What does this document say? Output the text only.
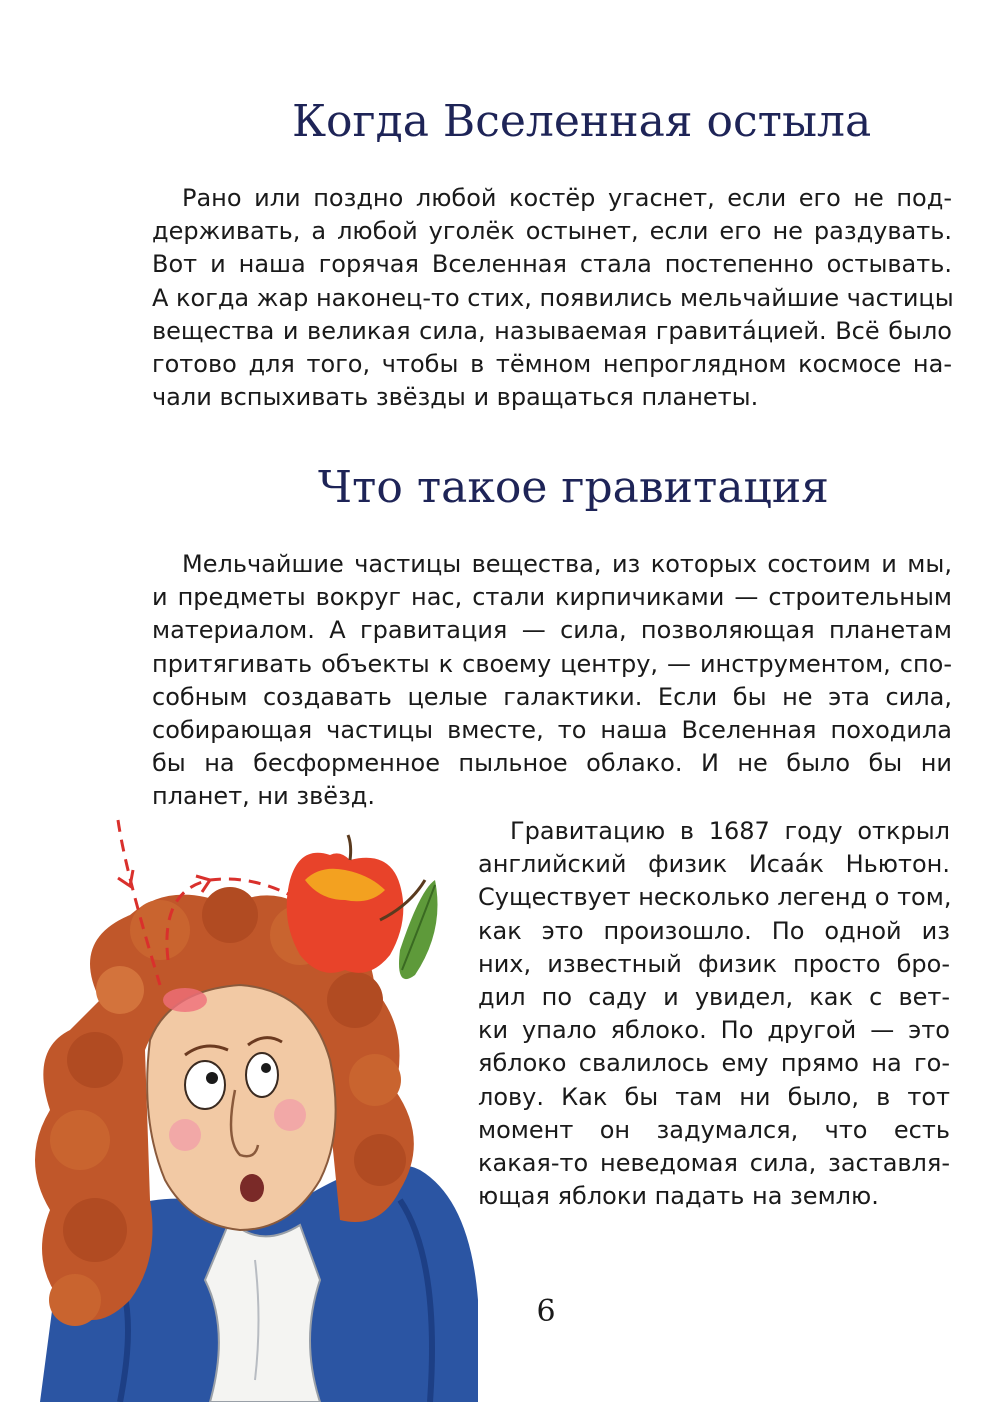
Когда Вселенная остыла
Рано или поздно любой костёр угаснет, если его не под-
держивать, а любой уголёк остынет, если его не раздувать.
Вот и наша горячая Вселенная стала постепенно остывать.
А когда жар наконец-то стих, появились мельчайшие частицы
вещества и великая сила, называемая гравита́цией. Всё было
готово для того, чтобы в тёмном непроглядном космосе на-
чали вспыхивать звёзды и вращаться планеты.
Что такое гравитация
Мельчайшие частицы вещества, из которых состоим и мы,
и предметы вокруг нас, стали кирпичиками — строительным
материалом. А гравитация — сила, позволяющая планетам
притягивать объекты к своему центру, — инструментом, спо-
собным создавать целые галактики. Если бы не эта сила,
собирающая частицы вместе, то наша Вселенная походила
бы на бесформенное пыльное облако. И не было бы ни
планет, ни звёзд.
Гравитацию в 1687 году открыл
английский физик Исаа́к Ньютон.
Существует несколько легенд о том,
как это произошло. По одной из
них, известный физик просто бро-
дил по саду и увидел, как с вет-
ки упало яблоко. По другой — это
яблоко свалилось ему прямо на го-
лову. Как бы там ни было, в тот
момент он задумался, что есть
какая-то неведомая сила, заставля-
ющая яблоки падать на землю.
6
